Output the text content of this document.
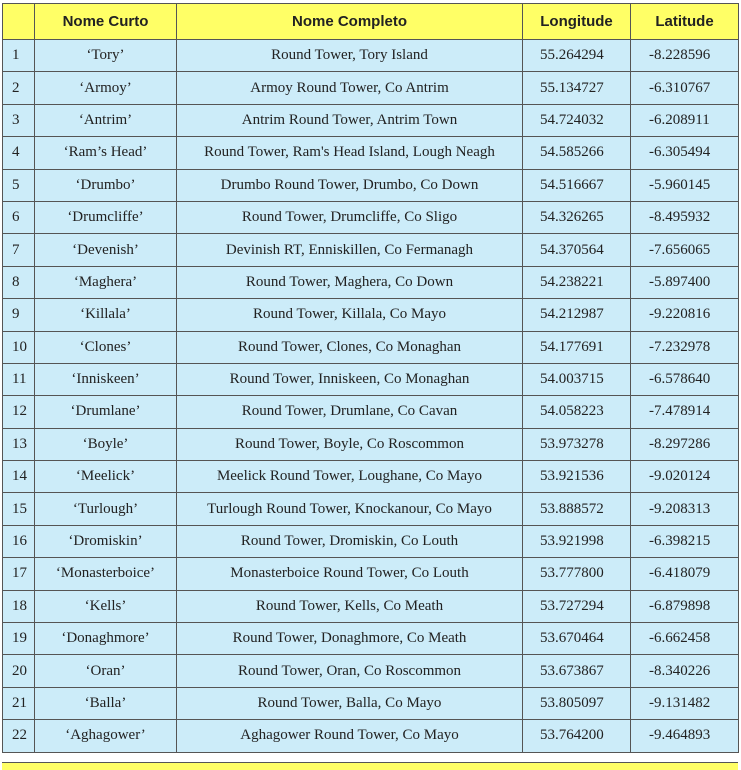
	Nome Curto	Nome Completo	Longitude	Latitude
1	‘Tory’	Round Tower, Tory Island	55.264294	-8.228596
2	‘Armoy’	Armoy Round Tower, Co Antrim	55.134727	-6.310767
3	‘Antrim’	Antrim Round Tower, Antrim Town	54.724032	-6.208911
4	‘Ram’s Head’	Round Tower, Ram's Head Island, Lough Neagh	54.585266	-6.305494
5	‘Drumbo’	Drumbo Round Tower, Drumbo, Co Down	54.516667	-5.960145
6	‘Drumcliffe’	Round Tower, Drumcliffe, Co Sligo	54.326265	-8.495932
7	‘Devenish’	Devinish RT, Enniskillen, Co Fermanagh	54.370564	-7.656065
8	‘Maghera’	Round Tower, Maghera, Co Down	54.238221	-5.897400
9	‘Killala’	Round Tower, Killala, Co Mayo	54.212987	-9.220816
10	‘Clones’	Round Tower, Clones, Co Monaghan	54.177691	-7.232978
11	‘Inniskeen’	Round Tower, Inniskeen, Co Monaghan	54.003715	-6.578640
12	‘Drumlane’	Round Tower, Drumlane, Co Cavan	54.058223	-7.478914
13	‘Boyle’	Round Tower, Boyle, Co Roscommon	53.973278	-8.297286
14	‘Meelick’	Meelick Round Tower, Loughane, Co Mayo	53.921536	-9.020124
15	‘Turlough’	Turlough Round Tower, Knockanour, Co Mayo	53.888572	-9.208313
16	‘Dromiskin’	Round Tower, Dromiskin, Co Louth	53.921998	-6.398215
17	‘Monasterboice’	Monasterboice Round Tower, Co Louth	53.777800	-6.418079
18	‘Kells’	Round Tower, Kells, Co Meath	53.727294	-6.879898
19	‘Donaghmore’	Round Tower, Donaghmore, Co Meath	53.670464	-6.662458
20	‘Oran’	Round Tower, Oran, Co Roscommon	53.673867	-8.340226
21	‘Balla’	Round Tower, Balla, Co Mayo	53.805097	-9.131482
22	‘Aghagower’	Aghagower Round Tower, Co Mayo	53.764200	-9.464893
